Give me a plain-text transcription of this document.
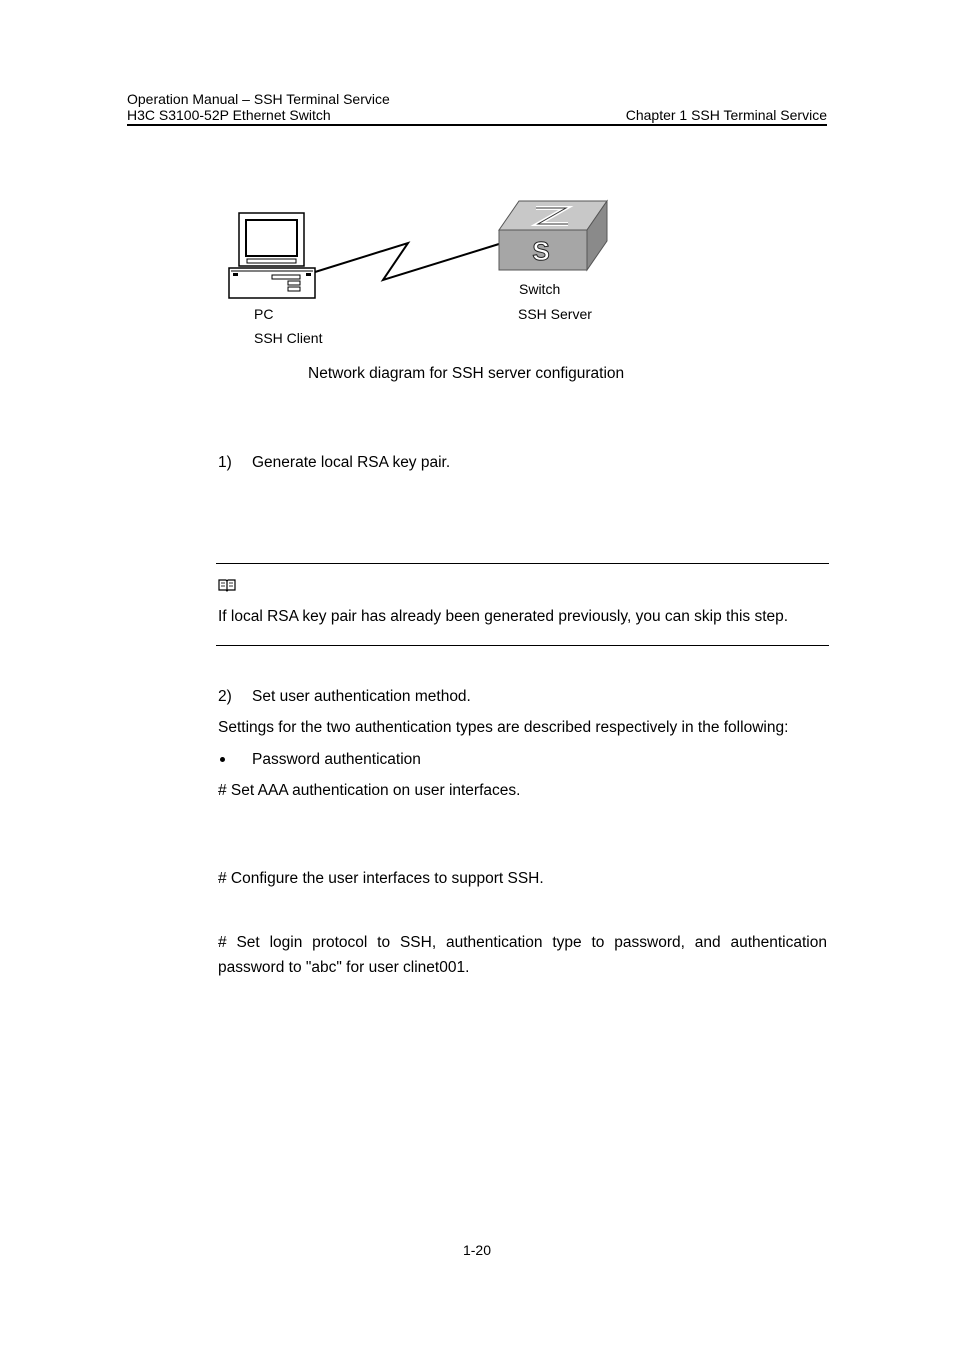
Operation Manual – SSH Terminal Service
H3C S3100-52P Ethernet Switch	Chapter 1 SSH Terminal Service
S
Switch
SSH Server
PC
SSH Client
Network diagram for SSH server configuration
1) Generate local RSA key pair.
If local RSA key pair has already been generated previously, you can skip this step.
2) Set user authentication method.
Settings for the two authentication types are described respectively in the following:
Password authentication
# Set AAA authentication on user interfaces.
# Configure the user interfaces to support SSH.
# Set login protocol to SSH, authentication type to password, and authentication password to "abc" for user clinet001.
1-20
